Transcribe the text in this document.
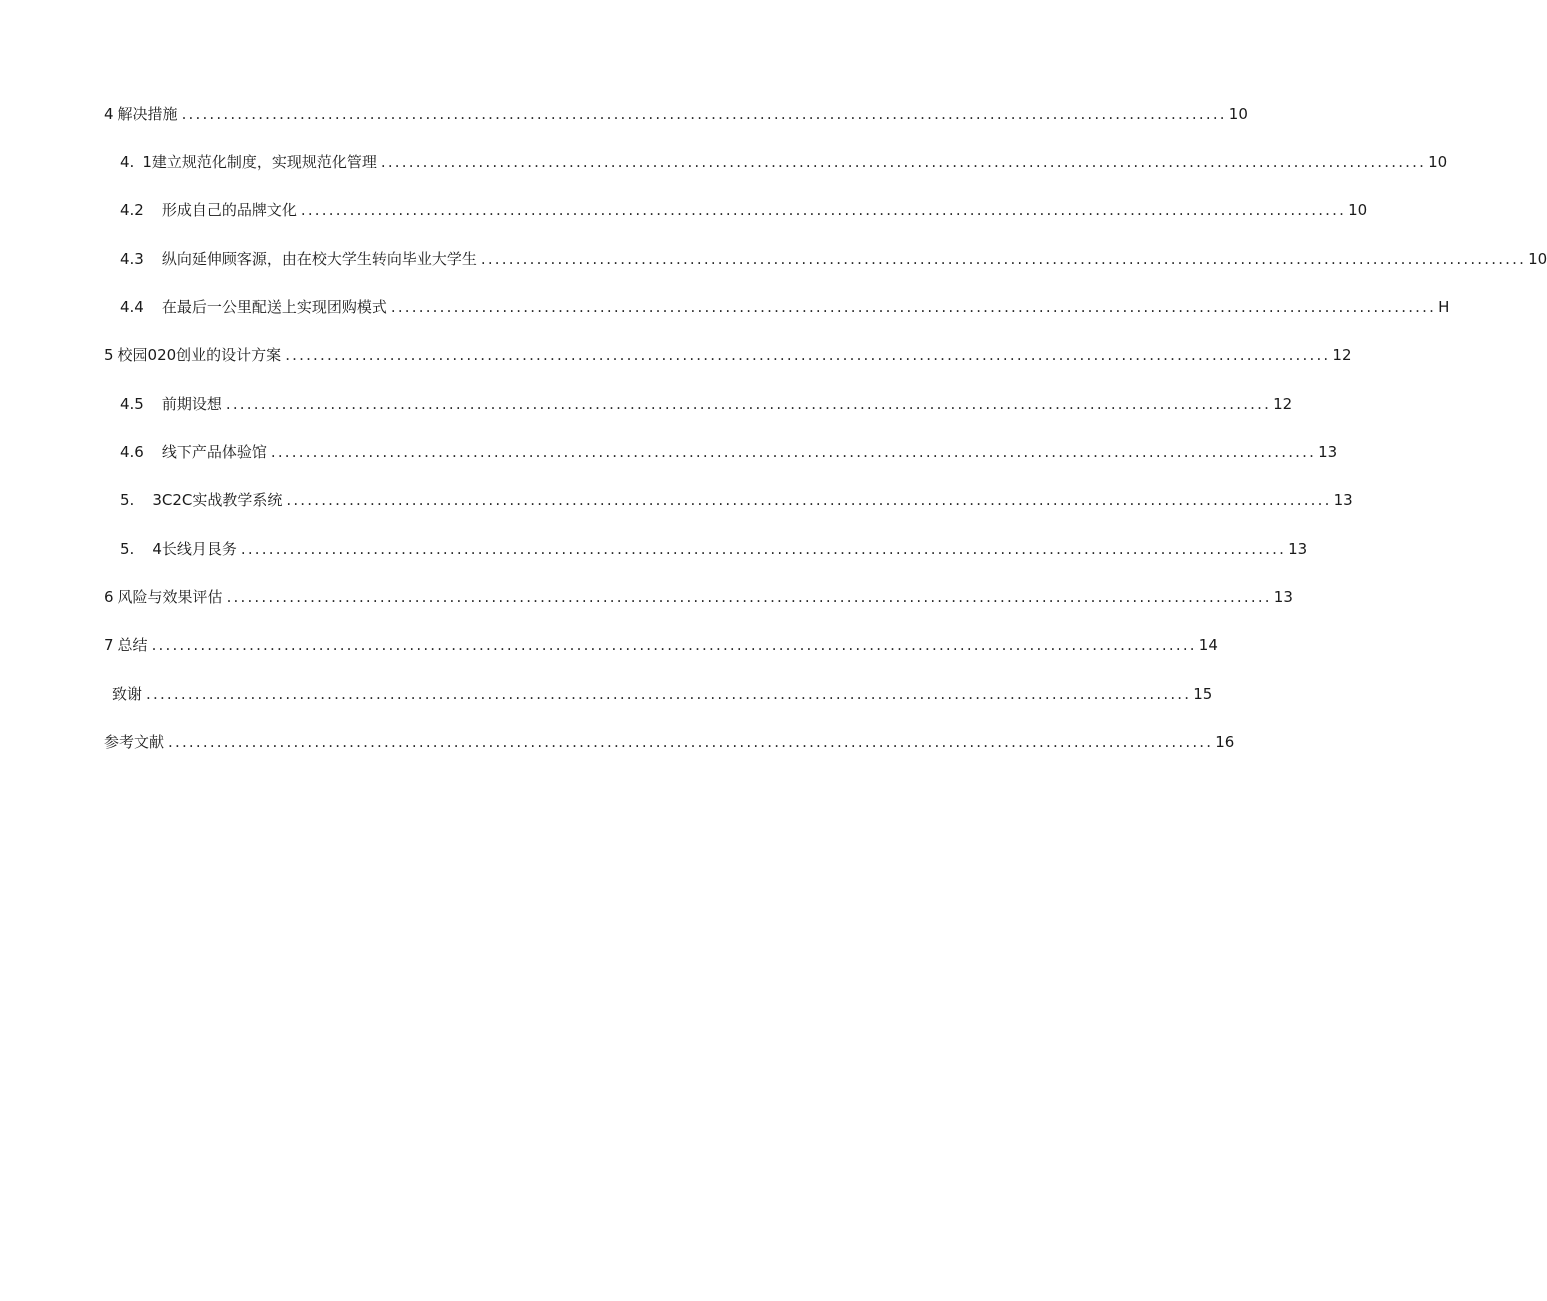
4 解决措施 ...................................................................................................................................................... 10
4. 1建立规范化制度，实现规范化管理 ...................................................................................................................................................... 10
4.2 形成自己的品牌文化 ...................................................................................................................................................... 10
4.3 纵向延伸顾客源，由在校大学生转向毕业大学生 ...................................................................................................................................................... 10
4.4 在最后一公里配送上实现团购模式 ...................................................................................................................................................... H
5 校园020创业的设计方案 ...................................................................................................................................................... 12
4.5 前期设想 ...................................................................................................................................................... 12
4.6 线下产品体验馆 ...................................................................................................................................................... 13
5. 3C2C实战教学系统 ...................................................................................................................................................... 13
5. 4长线月艮务 ...................................................................................................................................................... 13
6 风险与效果评估 ...................................................................................................................................................... 13
7 总结 ...................................................................................................................................................... 14
致谢 ...................................................................................................................................................... 15
参考文献 ...................................................................................................................................................... 16
